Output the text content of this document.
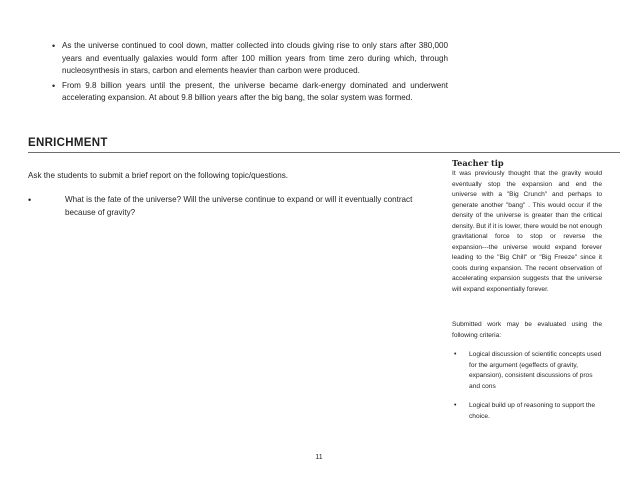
• As the universe continued to cool down, matter collected into clouds giving rise to only stars after 380,000 years and eventually galaxies would form after 100 million years from time zero during which, through nucleosynthesis in stars, carbon and elements heavier than carbon were produced.
• From 9.8 billion years until the present, the universe became dark-energy dominated and underwent accelerating expansion. At about 9.8 billion years after the big bang, the solar system was formed.
ENRICHMENT
Ask the students to submit a brief report on the following topic/questions.
•	What is the fate of the universe? Will the universe continue to expand or will it eventually contract because of gravity?
Teacher tip
It was previously thought that the gravity would eventually stop the expansion and end the universe with a "Big Crunch" and perhaps to generate another "bang" . This would occur if the density of the universe is greater than the critical density. But if it is lower, there would be not enough gravitational force to stop or reverse the expansion---the universe would expand forever leading to the "Big Chill" or "Big Freeze" since it cools during expansion. The recent observation of accelerating expansion suggests that the universe will expand exponentially forever.
Submitted work may be evaluated using the following criteria:
• Logical discussion of scientific concepts used for the argument (egeffects of gravity, expansion), consistent discussions of pros and cons
• Logical build up of reasoning to support the choice.
11
